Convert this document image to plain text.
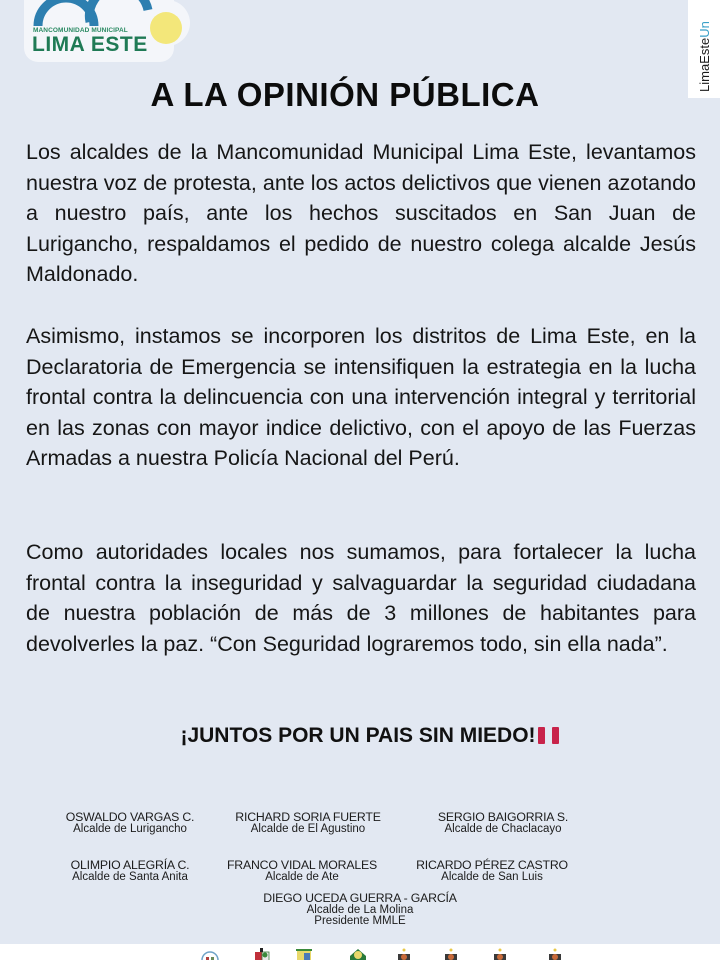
MANCOMUNIDAD MUNICIPAL
LIMA ESTE	LimaEsteUn
A LA OPINIÓN PÚBLICA

Los alcaldes de la Mancomunidad Municipal Lima Este, levantamos nuestra voz de protesta, ante los actos delictivos que vienen azotando a nuestro país, ante los hechos suscitados en San Juan de Lurigancho, respaldamos el pedido de nuestro colega alcalde Jesús Maldonado.

Asimismo, instamos se incorporen los distritos de Lima Este, en la Declaratoria de Emergencia se intensifiquen la estrategia en la lucha frontal contra la delincuencia con una intervención integral y territorial en las zonas con mayor indice delictivo, con el apoyo de las Fuerzas Armadas a nuestra Policía Nacional del Perú.

Como autoridades locales nos sumamos, para fortalecer la lucha frontal contra la inseguridad y salvaguardar la seguridad ciudadana de nuestra población de más de 3 millones de habitantes para devolverles la paz. “Con Seguridad lograremos todo, sin ella nada”.

¡JUNTOS POR UN PAIS SIN MIEDO!
OSWALDO VARGAS C.
Alcalde de Lurigancho
RICHARD SORIA FUERTE
Alcalde de El Agustino
SERGIO BAIGORRIA S.
Alcalde de Chaclacayo
OLIMPIO ALEGRÍA C.
Alcalde de Santa Anita
FRANCO VIDAL MORALES
Alcalde de Ate
RICARDO PÉREZ CASTRO
Alcalde de San Luis
DIEGO UCEDA GUERRA - GARCÍA
Alcalde de La Molina
Presidente MMLE
